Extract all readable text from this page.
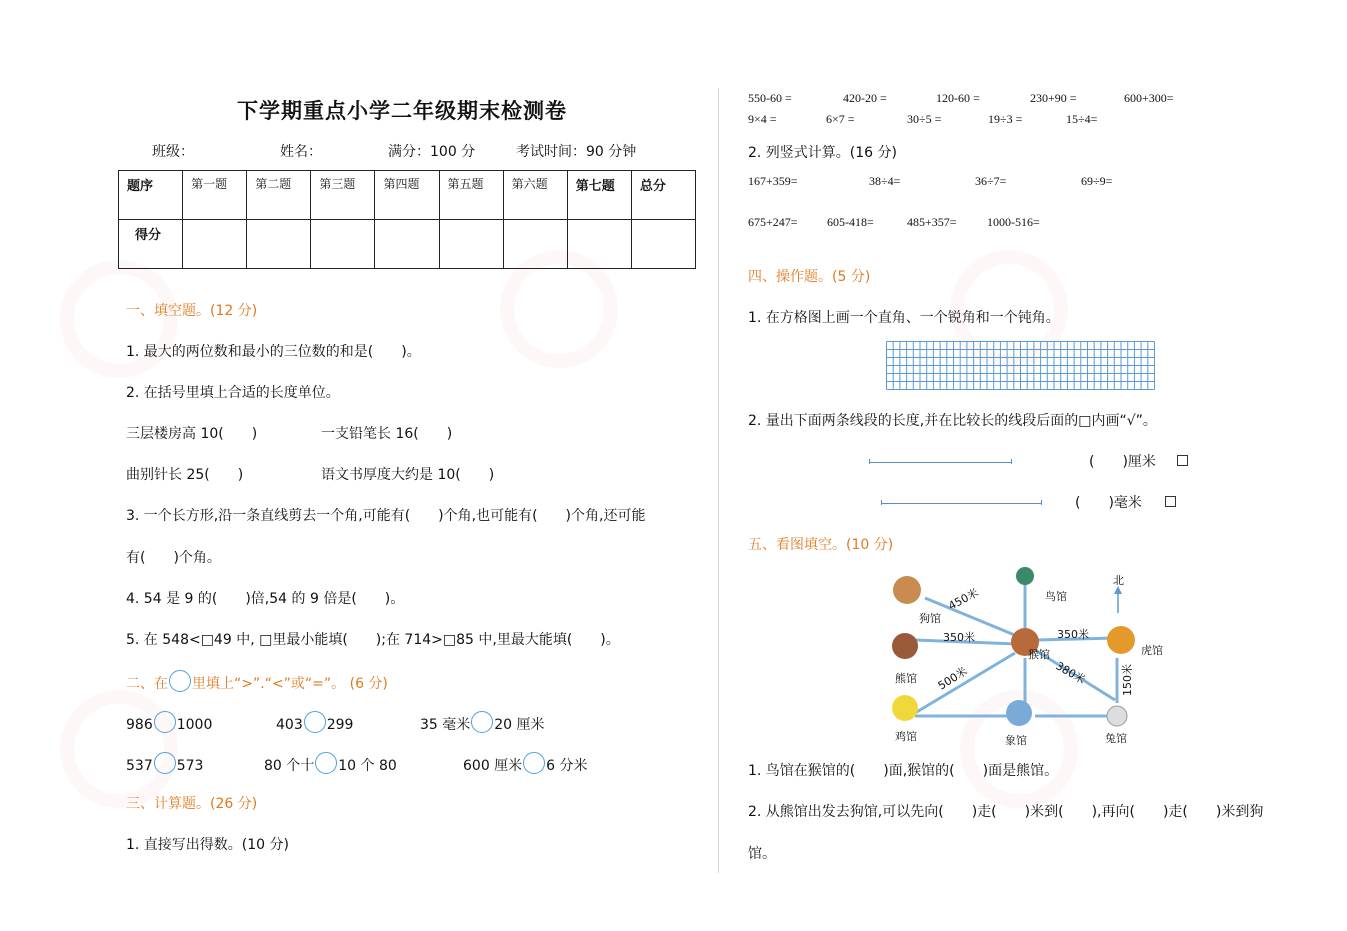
下学期重点小学二年级期末检测卷
班级：	姓名：	满分：100 分	考试时间：90 分钟
题序	第一题	第二题	第三题	第四题	第五题	第六题	第七题	总分
得分								
一、填空题。(12 分)
1. 最大的两位数和最小的三位数的和是(　　)。
2. 在括号里填上合适的长度单位。
三层楼房高 10(　　)	一支铅笔长 16(　　)
曲别针长 25(　　)	语文书厚度大约是 10(　　)
3. 一个长方形,沿一条直线剪去一个角,可能有(　　)个角,也可能有(　　)个角,还可能
有(　　)个角。
4. 54 是 9 的(　　)倍,54 的 9 倍是(　　)。
5. 在 548<□49 中, □里最小能填(　　);在 714>□85 中,里最大能填(　　)。
二、在 里填上“>”.“<”或“=”。 (6 分)
986 1000	403 299	35 毫米 20 厘米
537 573	80 个十 10 个 80	600 厘米 6 分米
三、计算题。(26 分)
1. 直接写出得数。(10 分)
550-60 =	420-20 =	120-60 =	230+90 =	600+300=
9×4 =	6×7 =	30÷5 =	19÷3 =	15÷4=
2. 列竖式计算。(16 分)
167+359=	38÷4=	36÷7=	69÷9=
675+247= 605-418=	485+357=	1000-516=
四、操作题。(5 分)
1. 在方格图上画一个直角、一个锐角和一个钝角。
2. 量出下面两条线段的长度,并在比较长的线段后面的□内画“√”。
(　　)厘米
(　　)毫米
五、看图填空。(10 分)
北
鸟馆
狗馆
猴馆	虎馆
熊馆
鸡馆	象馆	兔馆
450米
350米	350米
500米	380米	150米
1. 鸟馆在猴馆的(　　)面,猴馆的(　　)面是熊馆。
2. 从熊馆出发去狗馆,可以先向(　　)走(　　)米到(　　),再向(　　)走(　　)米到狗
馆。
